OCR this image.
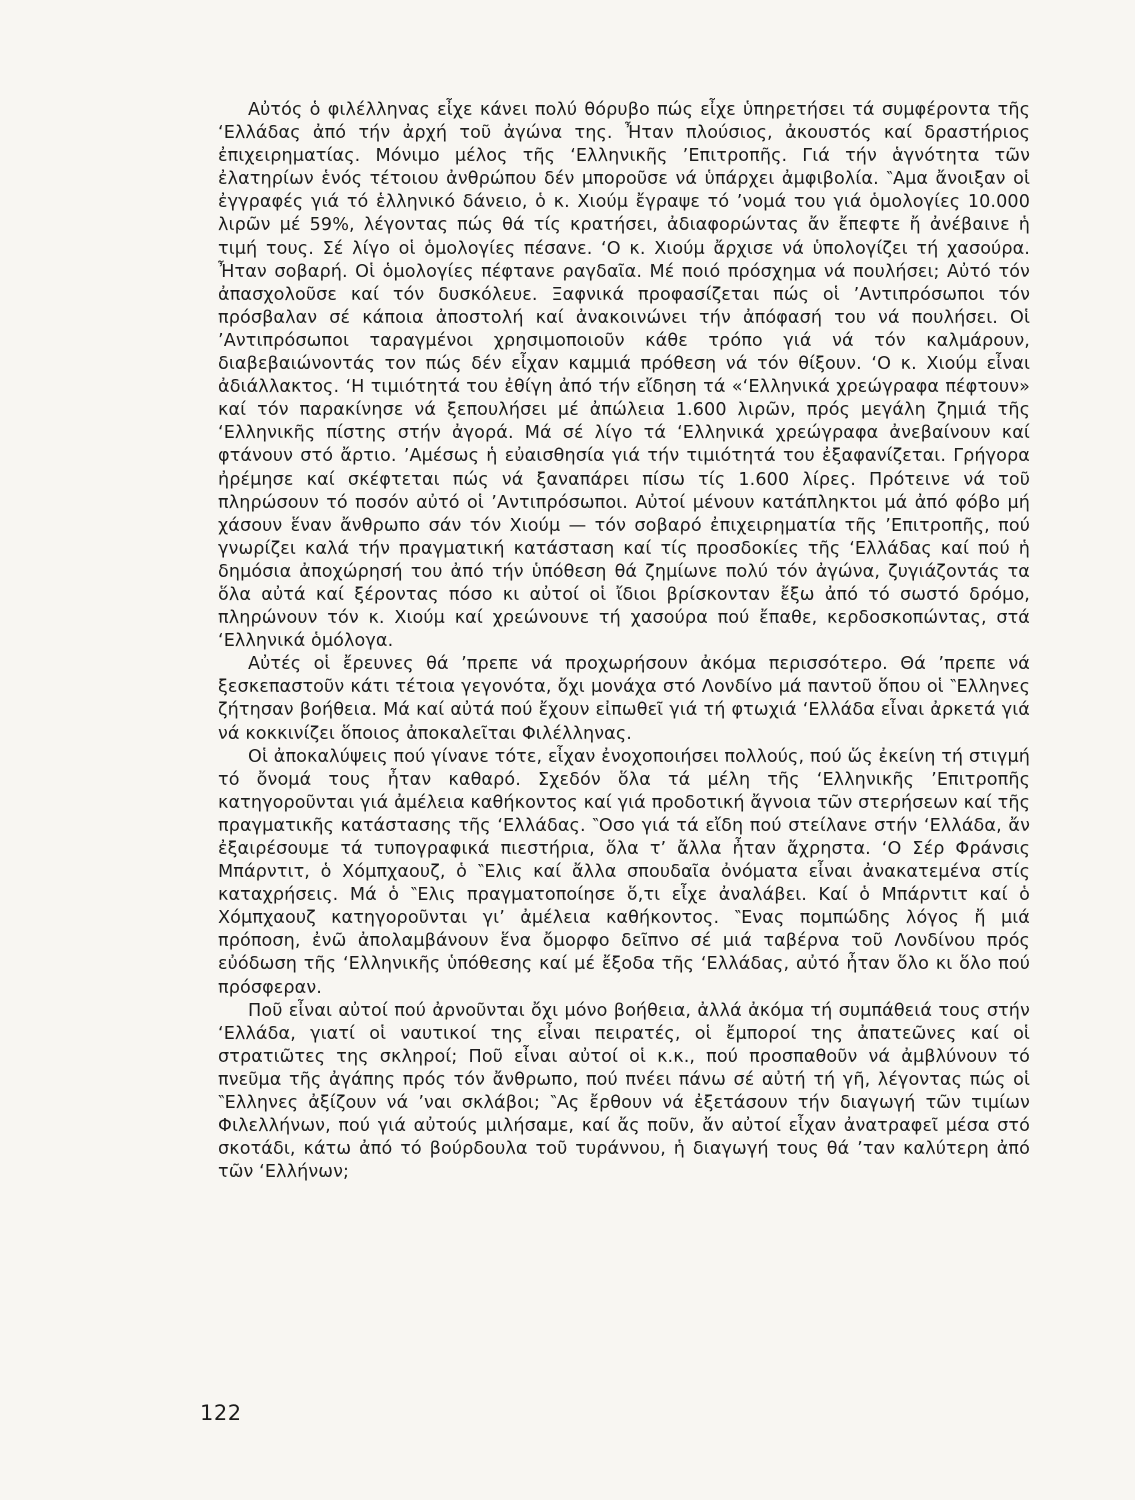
Αὐτός ὁ φιλέλληνας εἶχε κάνει πολύ θόρυβο πώς εἶχε ὑπηρετήσει τά συμφέροντα τῆς ‘Ελλάδας ἀπό τήν ἀρχή τοῦ ἀγώνα της. Ἦταν πλούσιος, ἀκουστός καί δραστήριος ἐπιχειρηματίας. Μόνιμο μέλος τῆς ‘Ελληνικῆς ’Επιτροπῆς. Γιά τήν ἁγνότητα τῶν ἐλατηρίων ἑνός τέτοιου ἀνθρώπου δέν μποροῦσε νά ὑπάρχει ἀμφιβολία. ‶Αμα ἄνοιξαν οἱ ἐγγραφές γιά τό ἑλληνικό δάνειο, ὁ κ. Χιούμ ἔγραψε τό ’νομά του γιά ὁμολογίες 10.000 λιρῶν μέ 59%, λέγοντας πώς θά τίς κρατήσει, ἀδιαφορώντας ἄν ἔπεφτε ἤ ἀνέβαινε ἡ τιμή τους. Σέ λίγο οἱ ὁμολογίες πέσανε. ‘Ο κ. Χιούμ ἄρχισε νά ὑπολογίζει τή χασούρα. Ἦταν σοβαρή. Οἱ ὁμολογίες πέφτανε ραγδαῖα. Μέ ποιό πρόσχημα νά πουλήσει; Αὐτό τόν ἀπασχολοῦσε καί τόν δυσκόλευε. Ξαφνικά προφασίζεται πώς οἱ ’Αντιπρόσωποι τόν πρόσβαλαν σέ κάποια ἀποστολή καί ἀνακοινώνει τήν ἀπόφασή του νά πουλήσει. Οἱ ’Αντιπρόσωποι ταραγμένοι χρησιμοποιοῦν κάθε τρόπο γιά νά τόν καλμάρουν, διαβεβαιώνοντάς τον πώς δέν εἶχαν καμμιά πρόθεση νά τόν θίξουν. ‘Ο κ. Χιούμ εἶναι ἀδιάλλακτος. ‘Η τιμιότητά του ἐθίγη ἀπό τήν εἴδηση τά «‘Ελληνικά χρεώγραφα πέφτουν» καί τόν παρακίνησε νά ξεπουλήσει μέ ἀπώλεια 1.600 λιρῶν, πρός μεγάλη ζημιά τῆς ‘Ελληνικῆς πίστης στήν ἀγορά. Μά σέ λίγο τά ‘Ελληνικά χρεώγραφα ἀνεβαίνουν καί φτάνουν στό ἄρτιο. ’Αμέσως ἡ εὐαισθησία γιά τήν τιμιότητά του ἐξαφανίζεται. Γρήγορα ἠρέμησε καί σκέφτεται πώς νά ξαναπάρει πίσω τίς 1.600 λίρες. Πρότεινε νά τοῦ πληρώσουν τό ποσόν αὐτό οἱ ’Αντιπρόσωποι. Αὐτοί μένουν κατάπληκτοι μά ἀπό φόβο μή χάσουν ἕναν ἄνθρωπο σάν τόν Χιούμ — τόν σοβαρό ἐπιχειρηματία τῆς ’Επιτροπῆς, πού γνωρίζει καλά τήν πραγματική κατάσταση καί τίς προσδοκίες τῆς ‘Ελλάδας καί πού ἡ δημόσια ἀποχώρησή του ἀπό τήν ὑπόθεση θά ζημίωνε πολύ τόν ἀγώνα, ζυγιάζοντάς τα ὅλα αὐτά καί ξέροντας πόσο κι αὐτοί οἱ ἴδιοι βρίσκονταν ἔξω ἀπό τό σωστό δρόμο, πληρώνουν τόν κ. Χιούμ καί χρεώνουνε τή χασούρα πού ἔπαθε, κερδοσκοπώντας, στά ‘Ελληνικά ὁμόλογα.

Αὐτές οἱ ἔρευνες θά ’πρεπε νά προχωρήσουν ἀκόμα περισσότερο. Θά ’πρεπε νά ξεσκεπαστοῦν κάτι τέτοια γεγονότα, ὄχι μονάχα στό Λονδίνο μά παντοῦ ὅπου οἱ ‶Ελληνες ζήτησαν βοήθεια. Μά καί αὐτά πού ἔχουν εἰπωθεῖ γιά τή φτωχιά ‘Ελλάδα εἶναι ἀρκετά γιά νά κοκκινίζει ὅποιος ἀποκαλεῖται Φιλέλληνας.

Οἱ ἀποκαλύψεις πού γίνανε τότε, εἶχαν ἐνοχοποιήσει πολλούς, πού ὥς ἐκείνη τή στιγμή τό ὄνομά τους ἦταν καθαρό. Σχεδόν ὅλα τά μέλη τῆς ‘Ελληνικῆς ’Επιτροπῆς κατηγοροῦνται γιά ἀμέλεια καθήκοντος καί γιά προδοτική ἄγνοια τῶν στερήσεων καί τῆς πραγματικῆς κατάστασης τῆς ‘Ελλάδας. ‶Οσο γιά τά εἴδη πού στείλανε στήν ‘Ελλάδα, ἄν ἐξαιρέσουμε τά τυπογραφικά πιεστήρια, ὅλα τ’ ἄλλα ἦταν ἄχρηστα. ‘Ο Σέρ Φράνσις Μπάρντιτ, ὁ Χόμπχαουζ, ὁ ‶Ελις καί ἄλλα σπουδαῖα ὀνόματα εἶναι ἀνακατεμένα στίς καταχρήσεις. Μά ὁ ‶Ελις πραγματοποίησε ὅ,τι εἶχε ἀναλάβει. Καί ὁ Μπάρντιτ καί ὁ Χόμπχαουζ κατηγοροῦνται γι’ ἀμέλεια καθήκοντος. ‶Ενας πομπώδης λόγος ἤ μιά πρόποση, ἐνῶ ἀπολαμβάνουν ἕνα ὄμορφο δεῖπνο σέ μιά ταβέρνα τοῦ Λονδίνου πρός εὐόδωση τῆς ‘Ελληνικῆς ὑπόθεσης καί μέ ἔξοδα τῆς ‘Ελλάδας, αὐτό ἦταν ὅλο κι ὅλο πού πρόσφεραν.

Ποῦ εἶναι αὐτοί πού ἀρνοῦνται ὄχι μόνο βοήθεια, ἀλλά ἀκόμα τή συμπάθειά τους στήν ‘Ελλάδα, γιατί οἱ ναυτικοί της εἶναι πειρατές, οἱ ἔμποροί της ἀπατεῶνες καί οἱ στρατιῶτες της σκληροί; Ποῦ εἶναι αὐτοί οἱ κ.κ., πού προσπαθοῦν νά ἀμβλύνουν τό πνεῦμα τῆς ἀγάπης πρός τόν ἄνθρωπο, πού πνέει πάνω σέ αὐτή τή γῆ, λέγοντας πώς οἱ ‶Ελληνες ἀξίζουν νά ’ναι σκλάβοι; ‶Ας ἔρθουν νά ἐξετάσουν τήν διαγωγή τῶν τιμίων Φιλελλήνων, πού γιά αὐτούς μιλήσαμε, καί ἄς ποῦν, ἄν αὐτοί εἶχαν ἀνατραφεῖ μέσα στό σκοτάδι, κάτω ἀπό τό βούρδουλα τοῦ τυράννου, ἡ διαγωγή τους θά ’ταν καλύτερη ἀπό τῶν ‘Ελλήνων;

122
